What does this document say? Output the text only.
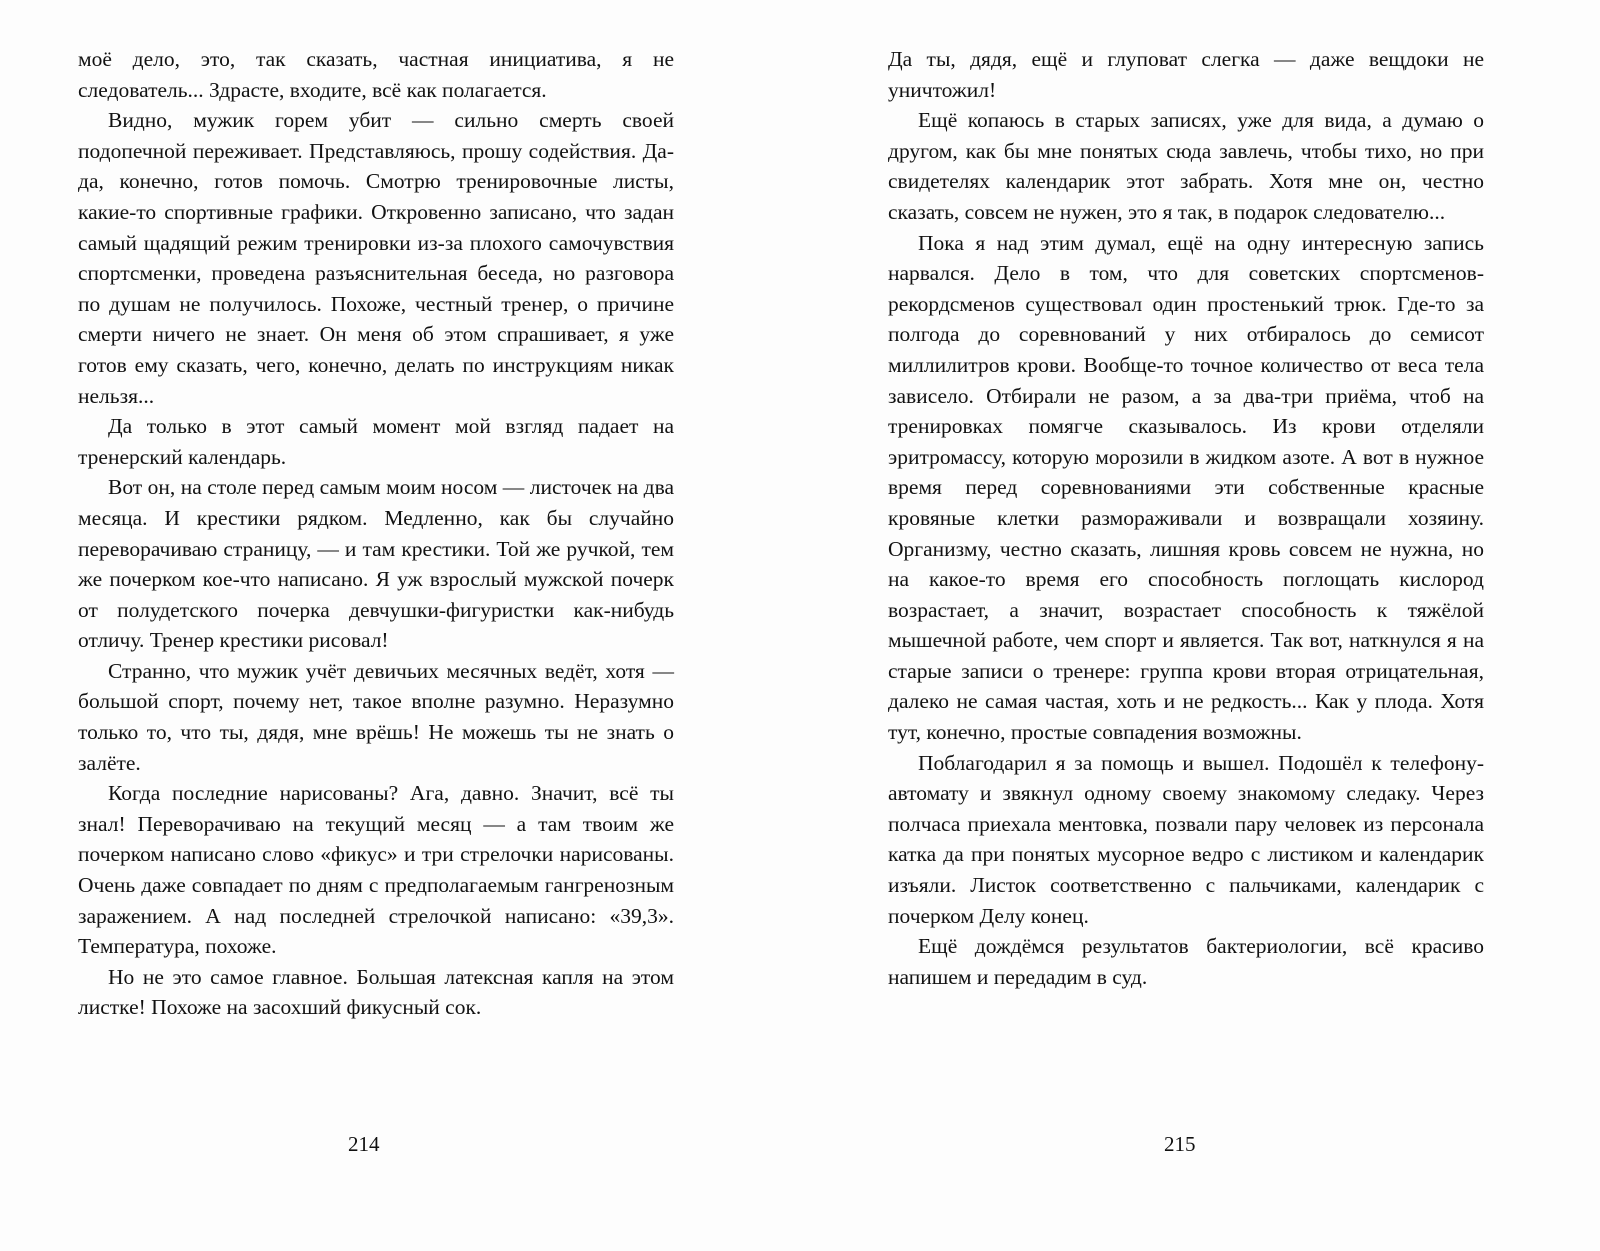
моё дело, это, так сказать, частная инициатива, я не следователь... Здрасте, входите, всё как полагается.

Видно, мужик горем убит — сильно смерть своей подопечной переживает. Представляюсь, прошу содействия. Да-да, конечно, готов помочь. Смотрю тренировочные листы, какие-то спортивные графики. Откровенно записано, что задан самый щадящий режим тренировки из-за плохого самочувствия спортсменки, проведена разъяснительная беседа, но разговора по душам не получилось. Похоже, честный тренер, о причине смерти ничего не знает. Он меня об этом спрашивает, я уже готов ему сказать, чего, конечно, делать по инструкциям никак нельзя...

Да только в этот самый момент мой взгляд падает на тренерский календарь.

Вот он, на столе перед самым моим носом — листочек на два месяца. И крестики рядком. Медленно, как бы случайно переворачиваю страницу, — и там крестики. Той же ручкой, тем же почерком кое-что написано. Я уж взрослый мужской почерк от полудетского почерка девчушки-фигуристки как-нибудь отличу. Тренер крестики рисовал!

Странно, что мужик учёт девичьих месячных ведёт, хотя — большой спорт, почему нет, такое вполне разумно. Неразумно только то, что ты, дядя, мне врёшь! Не можешь ты не знать о залёте.

Когда последние нарисованы? Ага, давно. Значит, всё ты знал! Переворачиваю на текущий месяц — а там твоим же почерком написано слово «фикус» и три стрелочки нарисованы. Очень даже совпадает по дням с предполагаемым гангренозным заражением. А над последней стрелочкой написано: «39,3». Температура, похоже.

Но не это самое главное. Большая латексная капля на этом листке! Похоже на засохший фикусный сок.

214

Да ты, дядя, ещё и глуповат слегка — даже вещдоки не уничтожил!

Ещё копаюсь в старых записях, уже для вида, а думаю о другом, как бы мне понятых сюда завлечь, чтобы тихо, но при свидетелях календарик этот забрать. Хотя мне он, честно сказать, совсем не нужен, это я так, в подарок следователю...

Пока я над этим думал, ещё на одну интересную запись нарвался. Дело в том, что для советских спортсменов-рекордсменов существовал один простенький трюк. Где-то за полгода до соревнований у них отбиралось до семисот миллилитров крови. Вообще-то точное количество от веса тела зависело. Отбирали не разом, а за два-три приёма, чтоб на тренировках помягче сказывалось. Из крови отделяли эритромассу, которую морозили в жидком азоте. А вот в нужное время перед соревнованиями эти собственные красные кровяные клетки размораживали и возвращали хозяину. Организму, честно сказать, лишняя кровь совсем не нужна, но на какое-то время его способность поглощать кислород возрастает, а значит, возрастает способность к тяжёлой мышечной работе, чем спорт и является. Так вот, наткнулся я на старые записи о тренере: группа крови вторая отрицательная, далеко не самая частая, хоть и не редкость... Как у плода. Хотя тут, конечно, простые совпадения возможны.

Поблагодарил я за помощь и вышел. Подошёл к телефону-автомату и звякнул одному своему знакомому следаку. Через полчаса приехала ментовка, позвали пару человек из персонала катка да при понятых мусорное ведро с листиком и календарик изъяли. Листок соответственно с пальчиками, календарик с почерком Делу конец.

Ещё дождёмся результатов бактериологии, всё красиво напишем и передадим в суд.

215
